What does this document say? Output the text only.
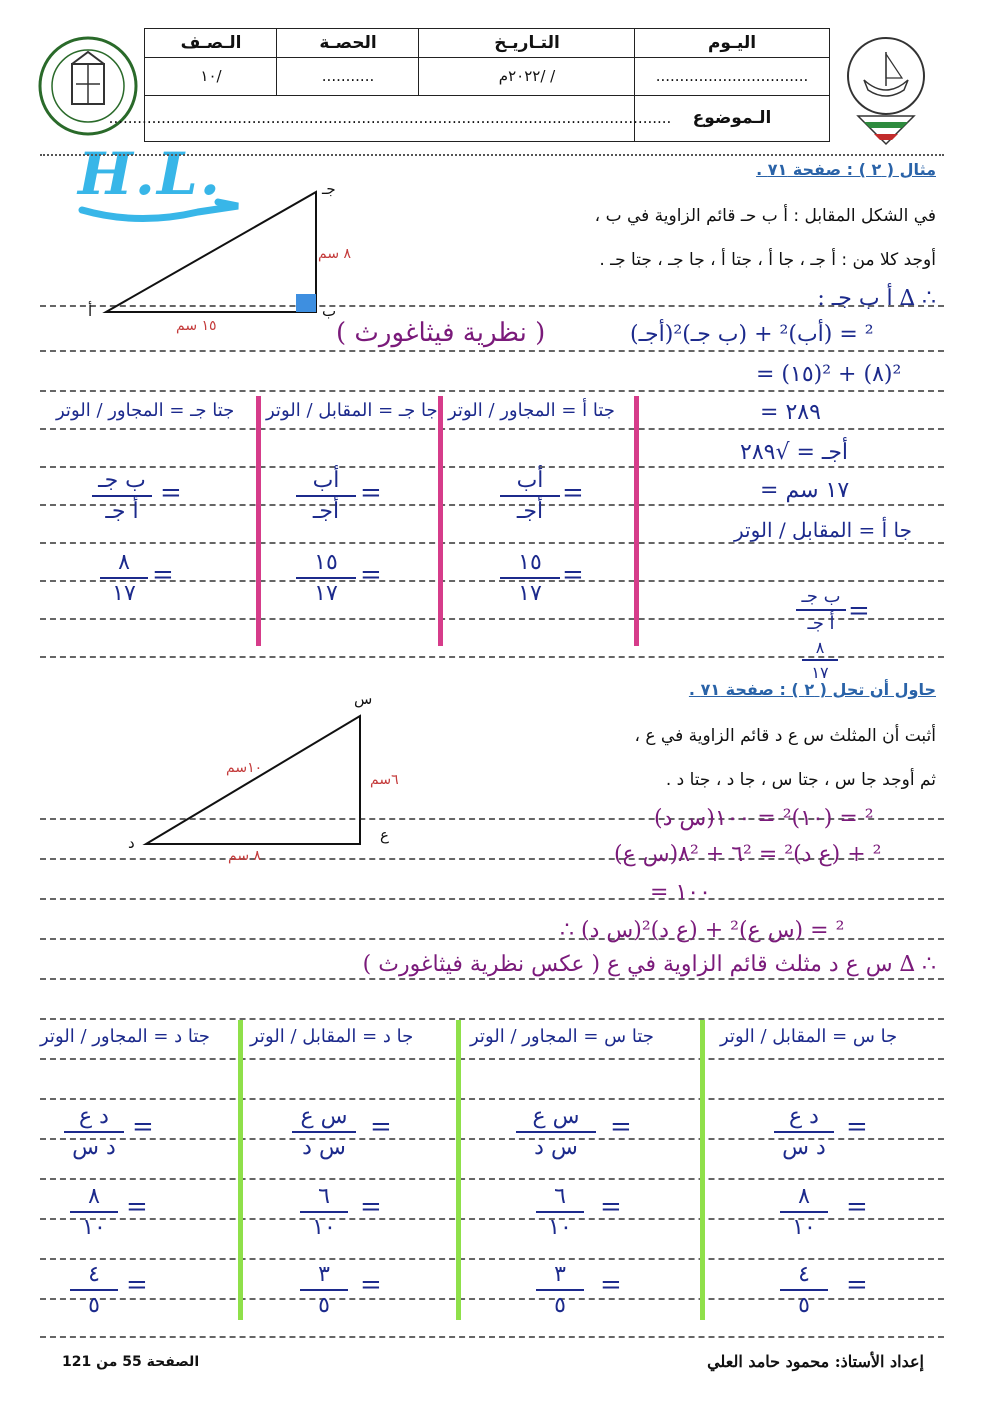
اليـوم
................................
التـاريـخ
/ /٢٠٢٢م
الحصـة
...........
الـصـف
/١٠
الـموضوع
......................................................................................................................
H.L.	مثال ( ٢ ) : صفحة ٧١ .
في الشكل المقابل : أ ب حـ قائم الزاوية في ب ،
أوجد كلا من : أ جـ ، جا أ ، جتا أ ، جا جـ ، جتا جـ .
جـ
ب
أ
٨ سم
١٥ سم
∴ ∆ أ ب جـ :
(أجـ)² = (أب)² + (ب جـ)²
( نظرية فيثاغورث )
= (١٥)² + (٨)²
= ٢٨٩
أجـ = √٢٨٩
= ١٧ سم
جا أ = المقابل / الوتر
ب جـ
أ جـ =
٨
١٧
جتا أ = المجاور / الوتر
أب
أجـ
=
١٥
١٧
=
جا جـ = المقابل / الوتر
أب
أجـ
=
١٥
١٧
=
جتا جـ = المجاور / الوتر
ب جـ
أ جـ
=
٨
١٧
=
حاول أن تحل ( ٢ ) : صفحة ٧١ .
أثبت أن المثلث س ع د قائم الزاوية في ع ،
ثم أوجد جا س ، جتا س ، جا د ، جتا د .
س
ع
د
١٠سم
٦سم
٨ سم
(س د)² = (١٠)² = ١٠٠
(س ع)² + (ع د)² = ٦² + ٨²
= ١٠٠
∴ (س د)² = (س ع)² + (ع د)²
∴ ∆ س ع د مثلث قائم الزاوية في ع ( عكس نظرية فيثاغورث )
جا س = المقابل / الوتر
د ع
د س
=
٨
١٠
=
٤
٥
=
جتا س = المجاور / الوتر
س ع
س د
=
٦
١٠
=
٣
٥
=
جا د = المقابل / الوتر
س ع
س د
=
٦
١٠
=
٣
٥
=
جتا د = المجاور / الوتر
د ع
د س
=
٨
١٠
=
٤
٥
=
إعداد الأستاذ: محمود حامد العلي
الصفحة 55 من 121
